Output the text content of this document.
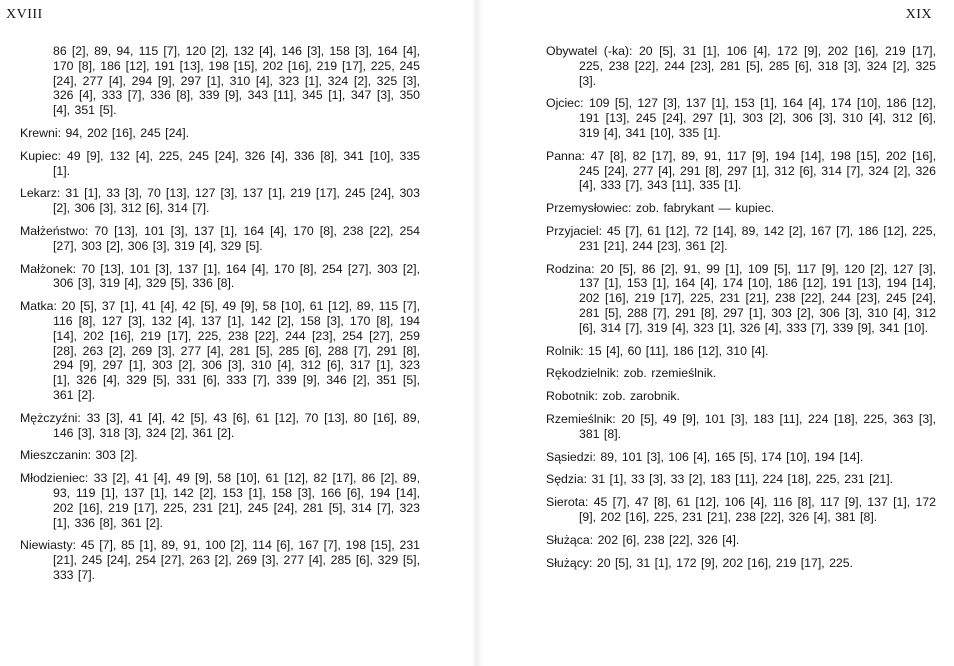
XVIII
86 [2], 89, 94, 115 [7], 120 [2], 132 [4], 146 [3], 158 [3], 164 [4], 170 [8], 186 [12], 191 [13], 198 [15], 202 [16], 219 [17], 225, 245 [24], 277 [4], 294 [9], 297 [1], 310 [4], 323 [1], 324 [2], 325 [3], 326 [4], 333 [7], 336 [8], 339 [9], 343 [11], 345 [1], 347 [3], 350 [4], 351 [5].
Krewni: 94, 202 [16], 245 [24].
Kupiec: 49 [9], 132 [4], 225, 245 [24], 326 [4], 336 [8], 341 [10], 335 [1].
Lekarz: 31 [1], 33 [3], 70 [13], 127 [3], 137 [1], 219 [17], 245 [24], 303 [2], 306 [3], 312 [6], 314 [7].
Małżeństwo: 70 [13], 101 [3], 137 [1], 164 [4], 170 [8], 238 [22], 254 [27], 303 [2], 306 [3], 319 [4], 329 [5].
Małżonek: 70 [13], 101 [3], 137 [1], 164 [4], 170 [8], 254 [27], 303 [2], 306 [3], 319 [4], 329 [5], 336 [8].
Matka: 20 [5], 37 [1], 41 [4], 42 [5], 49 [9], 58 [10], 61 [12], 89, 115 [7], 116 [8], 127 [3], 132 [4], 137 [1], 142 [2], 158 [3], 170 [8], 194 [14], 202 [16], 219 [17], 225, 238 [22], 244 [23], 254 [27], 259 [28], 263 [2], 269 [3], 277 [4], 281 [5], 285 [6], 288 [7], 291 [8], 294 [9], 297 [1], 303 [2], 306 [3], 310 [4], 312 [6], 317 [1], 323 [1], 326 [4], 329 [5], 331 [6], 333 [7], 339 [9], 346 [2], 351 [5], 361 [2].
Mężczyźni: 33 [3], 41 [4], 42 [5], 43 [6], 61 [12], 70 [13], 80 [16], 89, 146 [3], 318 [3], 324 [2], 361 [2].
Mieszczanin: 303 [2].
Młodzieniec: 33 [2], 41 [4], 49 [9], 58 [10], 61 [12], 82 [17], 86 [2], 89, 93, 119 [1], 137 [1], 142 [2], 153 [1], 158 [3], 166 [6], 194 [14], 202 [16], 219 [17], 225, 231 [21], 245 [24], 281 [5], 314 [7], 323 [1], 336 [8], 361 [2].
Niewiasty: 45 [7], 85 [1], 89, 91, 100 [2], 114 [6], 167 [7], 198 [15], 231 [21], 245 [24], 254 [27], 263 [2], 269 [3], 277 [4], 285 [6], 329 [5], 333 [7].
XIX
Obywatel (-ka): 20 [5], 31 [1], 106 [4], 172 [9], 202 [16], 219 [17], 225, 238 [22], 244 [23], 281 [5], 285 [6], 318 [3], 324 [2], 325 [3].
Ojciec: 109 [5], 127 [3], 137 [1], 153 [1], 164 [4], 174 [10], 186 [12], 191 [13], 245 [24], 297 [1], 303 [2], 306 [3], 310 [4], 312 [6], 319 [4], 341 [10], 335 [1].
Panna: 47 [8], 82 [17], 89, 91, 117 [9], 194 [14], 198 [15], 202 [16], 245 [24], 277 [4], 291 [8], 297 [1], 312 [6], 314 [7], 324 [2], 326 [4], 333 [7], 343 [11], 335 [1].
Przemysłowiec: zob. fabrykant — kupiec.
Przyjaciel: 45 [7], 61 [12], 72 [14], 89, 142 [2], 167 [7], 186 [12], 225, 231 [21], 244 [23], 361 [2].
Rodzina: 20 [5], 86 [2], 91, 99 [1], 109 [5], 117 [9], 120 [2], 127 [3], 137 [1], 153 [1], 164 [4], 174 [10], 186 [12], 191 [13], 194 [14], 202 [16], 219 [17], 225, 231 [21], 238 [22], 244 [23], 245 [24], 281 [5], 288 [7], 291 [8], 297 [1], 303 [2], 306 [3], 310 [4], 312 [6], 314 [7], 319 [4], 323 [1], 326 [4], 333 [7], 339 [9], 341 [10].
Rolnik: 15 [4], 60 [11], 186 [12], 310 [4].
Rękodzielnik: zob. rzemieślnik.
Robotnik: zob. zarobnik.
Rzemieślnik: 20 [5], 49 [9], 101 [3], 183 [11], 224 [18], 225, 363 [3], 381 [8].
Sąsiedzi: 89, 101 [3], 106 [4], 165 [5], 174 [10], 194 [14].
Sędzia: 31 [1], 33 [3], 33 [2], 183 [11], 224 [18], 225, 231 [21].
Sierota: 45 [7], 47 [8], 61 [12], 106 [4], 116 [8], 117 [9], 137 [1], 172 [9], 202 [16], 225, 231 [21], 238 [22], 326 [4], 381 [8].
Służąca: 202 [6], 238 [22], 326 [4].
Służący: 20 [5], 31 [1], 172 [9], 202 [16], 219 [17], 225.
